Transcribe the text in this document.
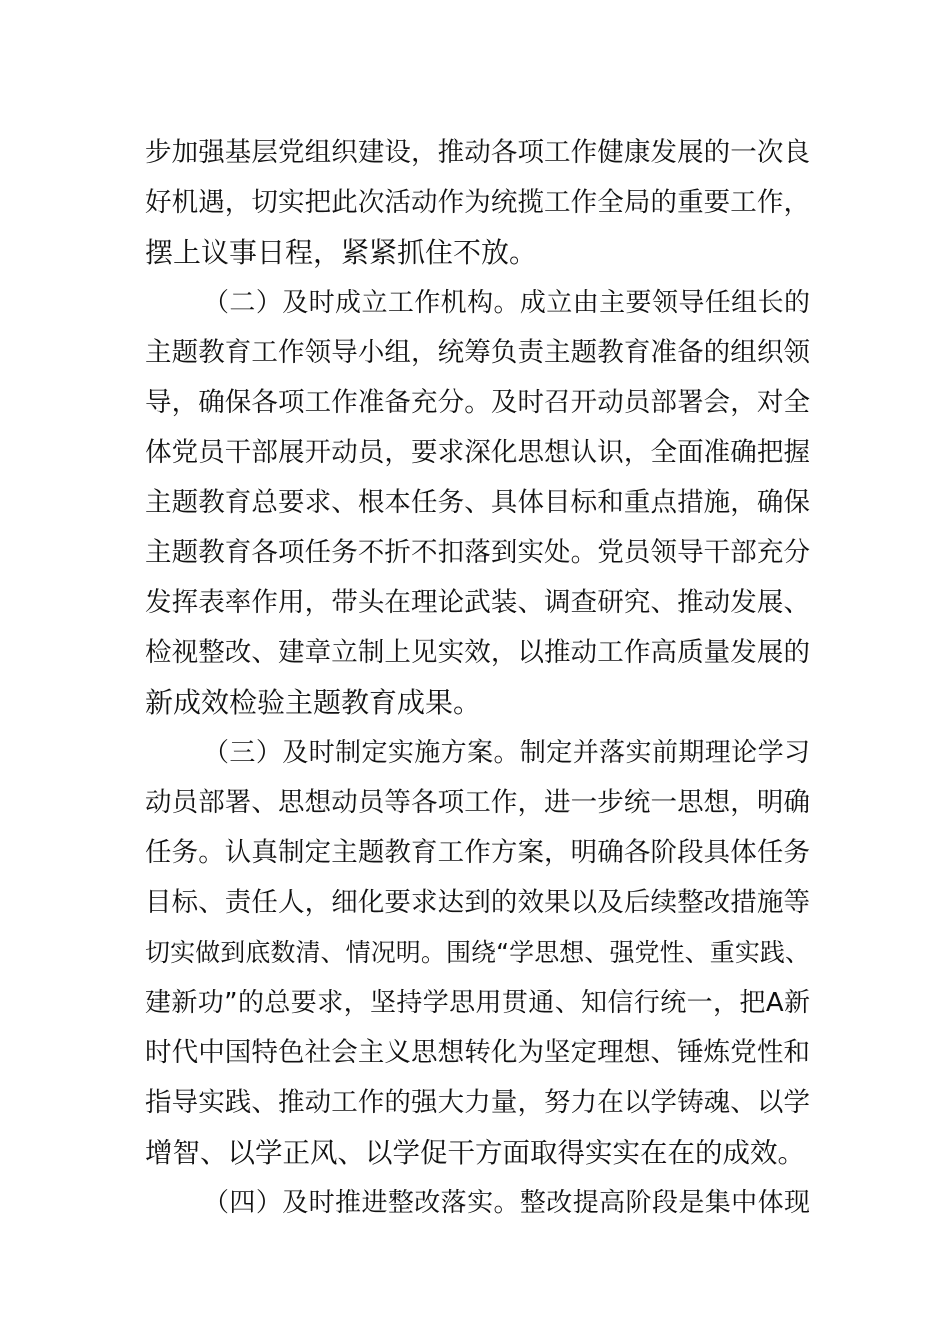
步加强基层党组织建设，推动各项工作健康发展的一次良
好机遇，切实把此次活动作为统揽工作全局的重要工作，
摆上议事日程，紧紧抓住不放。
（二）及时成立工作机构。成立由主要领导任组长的
主题教育工作领导小组，统筹负责主题教育准备的组织领
导，确保各项工作准备充分。及时召开动员部署会，对全
体党员干部展开动员，要求深化思想认识，全面准确把握
主题教育总要求、根本任务、具体目标和重点措施，确保
主题教育各项任务不折不扣落到实处。党员领导干部充分
发挥表率作用，带头在理论武装、调查研究、推动发展、
检视整改、建章立制上见实效，以推动工作高质量发展的
新成效检验主题教育成果。
（三）及时制定实施方案。制定并落实前期理论学习
动员部署、思想动员等各项工作，进一步统一思想，明确
任务。认真制定主题教育工作方案，明确各阶段具体任务
目标、责任人，细化要求达到的效果以及后续整改措施等
切实做到底数清、情况明。围绕“学思想、强党性、重实践、
建新功”的总要求，坚持学思用贯通、知信行统一，把A新
时代中国特色社会主义思想转化为坚定理想、锤炼党性和
指导实践、推动工作的强大力量，努力在以学铸魂、以学
增智、以学正风、以学促干方面取得实实在在的成效。
（四）及时推进整改落实。整改提高阶段是集中体现
